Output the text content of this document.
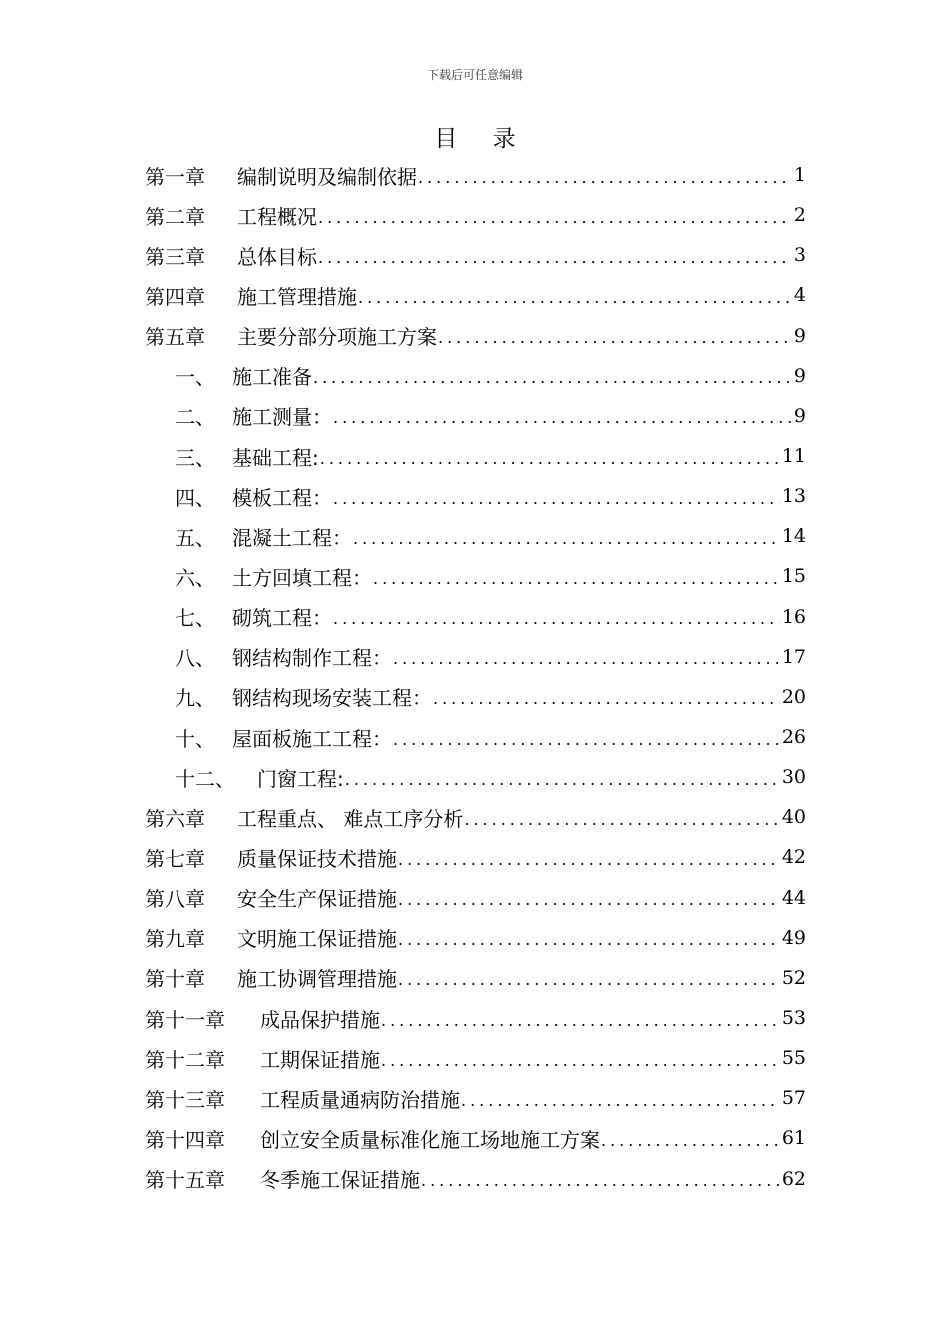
下载后可任意编辑
目 录
第一章 编制说明及编制依据 .....	1
第二章 工程概况 .....	2
第三章 总体目标 .....	3
第四章 施工管理措施 .....	4
第五章 主要分部分项施工方案 .....	9
一、 施工准备 .....	9
二、 施工测量： .....	9
三、 基础工程: .....	11
四、 模板工程： .....	13
五、 混凝土工程： .....	14
六、 土方回填工程： .....	15
七、 砌筑工程： .....	16
八、 钢结构制作工程： .....	17
九、 钢结构现场安装工程： .....	20
十、 屋面板施工工程： .....	26
十二、 门窗工程: .....	30
第六章 工程重点、 难点工序分析 .....	40
第七章 质量保证技术措施 .....	42
第八章 安全生产保证措施 .....	44
第九章 文明施工保证措施 .....	49
第十章 施工协调管理措施 .....	52
第十一章 成品保护措施 .....	53
第十二章 工期保证措施 .....	55
第十三章 工程质量通病防治措施 .....	57
第十四章 创立安全质量标准化施工场地施工方案 .....	61
第十五章 冬季施工保证措施 .....	62
